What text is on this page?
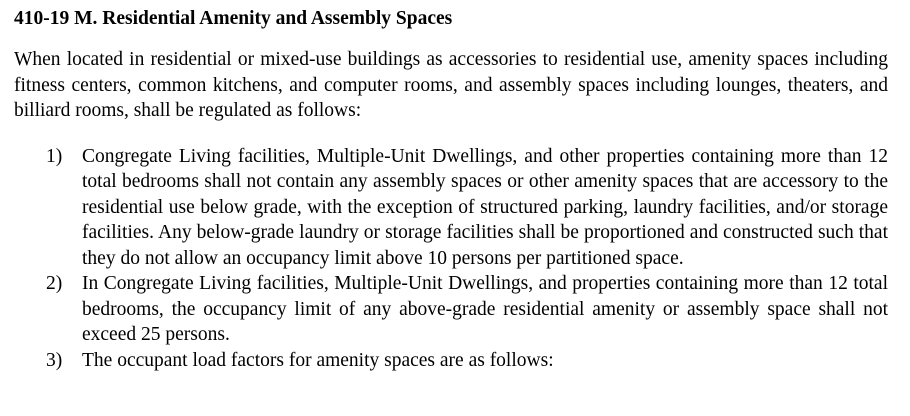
410-19 M. Residential Amenity and Assembly Spaces

When located in residential or mixed-use buildings as accessories to residential use, amenity spaces including fitness centers, common kitchens, and computer rooms, and assembly spaces including lounges, theaters, and billiard rooms, shall be regulated as follows:

1)	Congregate Living facilities, Multiple-Unit Dwellings, and other properties containing more than 12 total bedrooms shall not contain any assembly spaces or other amenity spaces that are accessory to the residential use below grade, with the exception of structured parking, laundry facilities, and/or storage facilities. Any below-grade laundry or storage facilities shall be proportioned and constructed such that they do not allow an occupancy limit above 10 persons per partitioned space.
2)	In Congregate Living facilities, Multiple-Unit Dwellings, and properties containing more than 12 total bedrooms, the occupancy limit of any above-grade residential amenity or assembly space shall not exceed 25 persons.
3)	The occupant load factors for amenity spaces are as follows:
